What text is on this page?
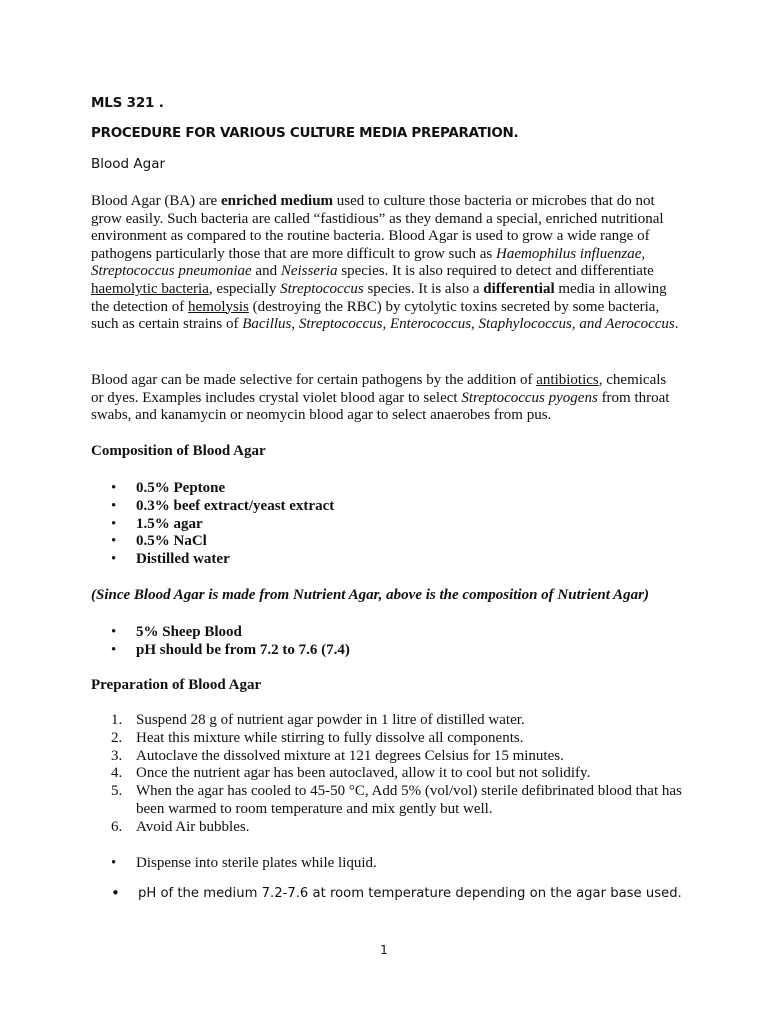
MLS 321 .
PROCEDURE FOR VARIOUS CULTURE MEDIA PREPARATION.
Blood Agar
Blood Agar (BA) are enriched medium used to culture those bacteria or microbes that do not grow easily. Such bacteria are called “fastidious” as they demand a special, enriched nutritional environment as compared to the routine bacteria. Blood Agar is used to grow a wide range of pathogens particularly those that are more difficult to grow such as Haemophilus influenzae, Streptococcus pneumoniae and Neisseria species. It is also required to detect and differentiate haemolytic bacteria, especially Streptococcus species. It is also a differential media in allowing the detection of hemolysis (destroying the RBC) by cytolytic toxins secreted by some bacteria, such as certain strains of Bacillus, Streptococcus, Enterococcus, Staphylococcus, and Aerococcus.
Blood agar can be made selective for certain pathogens by the addition of antibiotics, chemicals or dyes. Examples includes crystal violet blood agar to select Streptococcus pyogens from throat swabs, and kanamycin or neomycin blood agar to select anaerobes from pus.
Composition of Blood Agar
• 0.5% Peptone
• 0.3% beef extract/yeast extract
• 1.5% agar
• 0.5% NaCl
• Distilled water
(Since Blood Agar is made from Nutrient Agar, above is the composition of Nutrient Agar)
• 5% Sheep Blood
• pH should be from 7.2 to 7.6 (7.4)
Preparation of Blood Agar
1. Suspend 28 g of nutrient agar powder in 1 litre of distilled water.
2. Heat this mixture while stirring to fully dissolve all components.
3. Autoclave the dissolved mixture at 121 degrees Celsius for 15 minutes.
4. Once the nutrient agar has been autoclaved, allow it to cool but not solidify.
5. When the agar has cooled to 45-50 °C, Add 5% (vol/vol) sterile defibrinated blood that has been warmed to room temperature and mix gently but well.
6. Avoid Air bubbles.
• Dispense into sterile plates while liquid.
• pH of the medium 7.2-7.6 at room temperature depending on the agar base used.
1
